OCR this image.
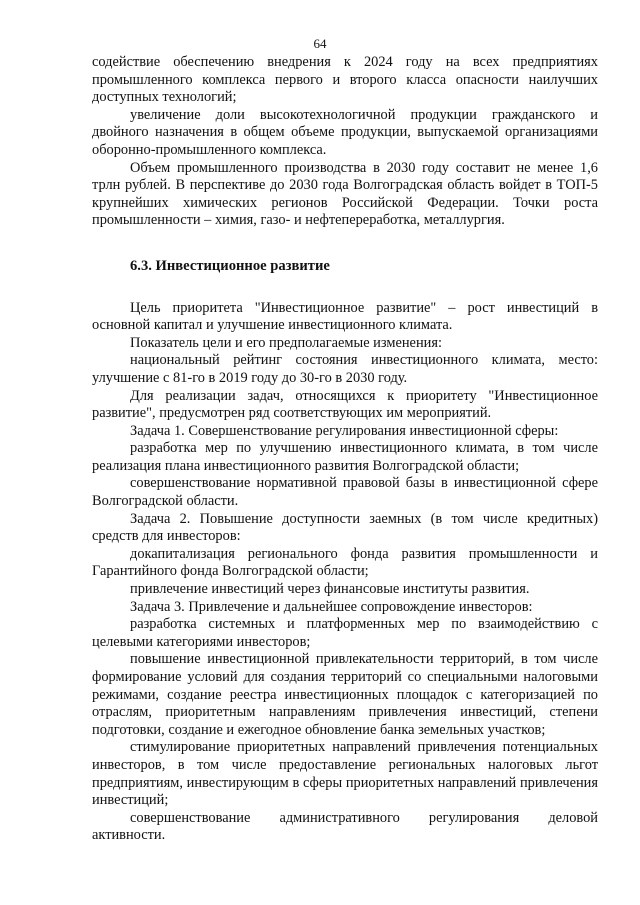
64

содействие обеспечению внедрения к 2024 году на всех предприятиях промышленного комплекса первого и второго класса опасности наилучших доступных технологий;

увеличение доли высокотехнологичной продукции гражданского и двойного назначения в общем объеме продукции, выпускаемой организациями оборонно-промышленного комплекса.

Объем промышленного производства в 2030 году составит не менее 1,6 трлн рублей. В перспективе до 2030 года Волгоградская область войдет в ТОП-5 крупнейших химических регионов Российской Федерации. Точки роста промышленности – химия, газо- и нефтепереработка, металлургия.

6.3. Инвестиционное развитие

Цель приоритета "Инвестиционное развитие" – рост инвестиций в основной капитал и улучшение инвестиционного климата.

Показатель цели и его предполагаемые изменения:

национальный рейтинг состояния инвестиционного климата, место: улучшение с 81-го в 2019 году до 30-го в 2030 году.

Для реализации задач, относящихся к приоритету "Инвестиционное развитие", предусмотрен ряд соответствующих им мероприятий.

Задача 1. Совершенствование регулирования инвестиционной сферы:

разработка мер по улучшению инвестиционного климата, в том числе реализация плана инвестиционного развития Волгоградской области;

совершенствование нормативной правовой базы в инвестиционной сфере Волгоградской области.

Задача 2. Повышение доступности заемных (в том числе кредитных) средств для инвесторов:

докапитализация регионального фонда развития промышленности и Гарантийного фонда Волгоградской области;

привлечение инвестиций через финансовые институты развития.

Задача 3. Привлечение и дальнейшее сопровождение инвесторов:

разработка системных и платформенных мер по взаимодействию с целевыми категориями инвесторов;

повышение инвестиционной привлекательности территорий, в том числе формирование условий для создания территорий со специальными налоговыми режимами, создание реестра инвестиционных площадок с категоризацией по отраслям, приоритетным направлениям привлечения инвестиций, степени подготовки, создание и ежегодное обновление банка земельных участков;

стимулирование приоритетных направлений привлечения потенциальных инвесторов, в том числе предоставление региональных налоговых льгот предприятиям, инвестирующим в сферы приоритетных направлений привлечения инвестиций;

совершенствование административного регулирования деловой активности.
